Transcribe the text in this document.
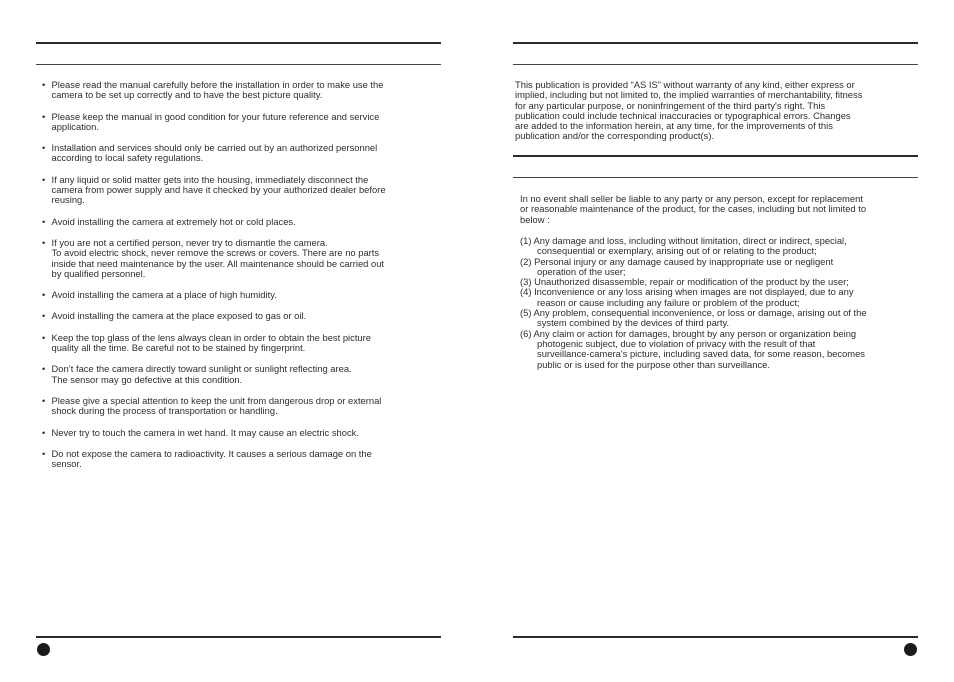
• Please read the manual carefully before the installation in order to make use the
camera to be set up correctly and to have the best picture quality.

• Please keep the manual in good condition for your future reference and service
application.

• Installation and services should only be carried out by an authorized personnel
according to local safety regulations.

• If any liquid or solid matter gets into the housing, immediately disconnect the
camera from power supply and have it checked by your authorized dealer before
reusing.

• Avoid installing the camera at extremely hot or cold places.

• If you are not a certified person, never try to dismantle the camera.
To avoid electric shock, never remove the screws or covers. There are no parts
inside that need maintenance by the user. All maintenance should be carried out
by qualified personnel.

• Avoid installing the camera at a place of high humidity.

• Avoid installing the camera at the place exposed to gas or oil.

• Keep the top glass of the lens always clean in order to obtain the best picture
quality all the time. Be careful not to be stained by fingerprint.

• Don’t face the camera directly toward sunlight or sunlight reflecting area.
The sensor may go defective at this condition.

• Please give a special attention to keep the unit from dangerous drop or external
shock during the process of transportation or handling.

• Never try to touch the camera in wet hand. It may cause an electric shock.

• Do not expose the camera to radioactivity. It causes a serious damage on the
sensor.

This publication is provided “AS IS” without warranty of any kind, either express or
implied, including but not limited to, the implied warranties of merchantability, fitness
for any particular purpose, or noninfringement of the third party's right. This
publication could include technical inaccuracies or typographical errors. Changes
are added to the information herein, at any time, for the improvements of this
publication and/or the corresponding product(s).

In no event shall seller be liable to any party or any person, except for replacement
or reasonable maintenance of the product, for the cases, including but not limited to
below :

(1) Any damage and loss, including without limitation, direct or indirect, special,
consequential or exemplary, arising out of or relating to the product;
(2) Personal injury or any damage caused by inappropriate use or negligent
operation of the user;
(3) Unauthorized disassemble, repair or modification of the product by the user;
(4) Inconvenience or any loss arising when images are not displayed, due to any
reason or cause including any failure or problem of the product;
(5) Any problem, consequential inconvenience, or loss or damage, arising out of the
system combined by the devices of third party.
(6) Any claim or action for damages, brought by any person or organization being
photogenic subject, due to violation of privacy with the result of that
surveillance-camera's picture, including saved data, for some reason, becomes
public or is used for the purpose other than surveillance.
